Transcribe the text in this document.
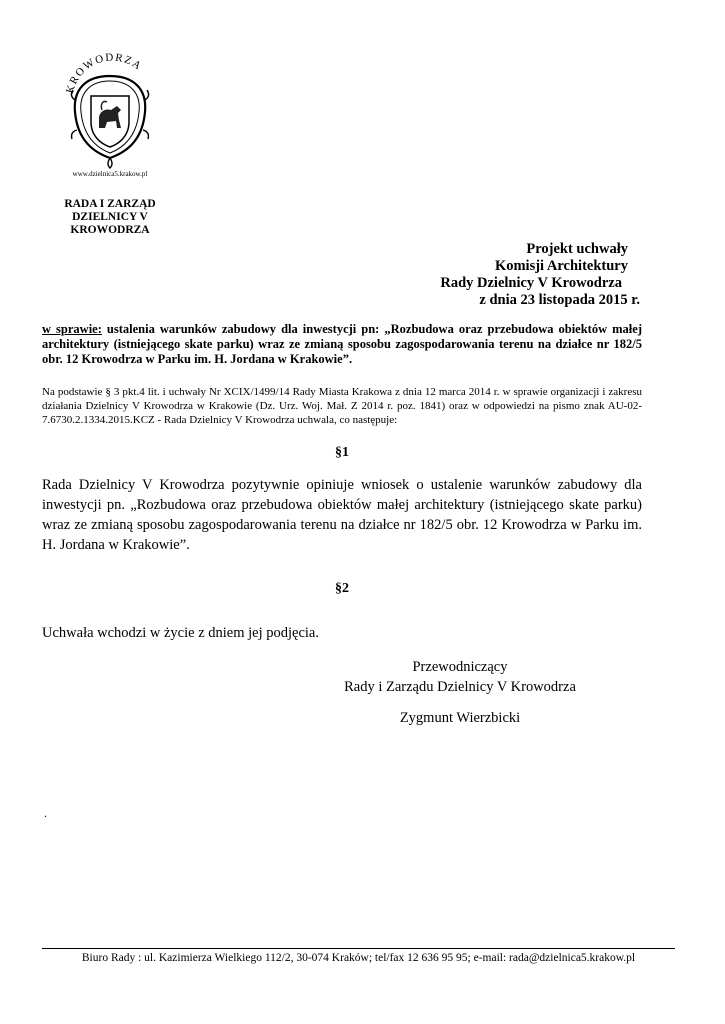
KROWODRZA
www.dzielnica5.krakow.pl
RADA I ZARZĄD
DZIELNICY V
KROWODRZA
Projekt uchwały
Komisji Architektury
Rady Dzielnicy V Krowodrza
z dnia 23 listopada 2015 r.
w sprawie: ustalenia warunków zabudowy dla inwestycji pn: „Rozbudowa oraz przebudowa obiektów małej architektury (istniejącego skate parku) wraz ze zmianą sposobu zagospodarowania terenu na działce nr 182/5 obr. 12 Krowodrza w Parku im. H. Jordana w Krakowie”.
Na podstawie § 3 pkt.4 lit. i uchwały Nr XCIX/1499/14 Rady Miasta Krakowa z dnia 12 marca 2014 r. w sprawie organizacji i zakresu działania Dzielnicy V Krowodrza w Krakowie (Dz. Urz. Woj. Mał. Z 2014 r. poz. 1841) oraz w odpowiedzi na pismo znak AU-02-7.6730.2.1334.2015.KCZ - Rada Dzielnicy V Krowodrza uchwala, co następuje:
§1
Rada Dzielnicy V Krowodrza pozytywnie opiniuje wniosek o ustalenie warunków zabudowy dla inwestycji pn. „Rozbudowa oraz przebudowa obiektów małej architektury (istniejącego skate parku) wraz ze zmianą sposobu zagospodarowania terenu na działce nr 182/5 obr. 12 Krowodrza w Parku im. H. Jordana w Krakowie”.
§2
Uchwała wchodzi w życie z dniem jej podjęcia.
Przewodniczący
Rady i Zarządu Dzielnicy V Krowodrza
Zygmunt Wierzbicki
.
Biuro Rady : ul. Kazimierza Wielkiego 112/2, 30-074 Kraków; tel/fax 12 636 95 95; e-mail: rada@dzielnica5.krakow.pl
